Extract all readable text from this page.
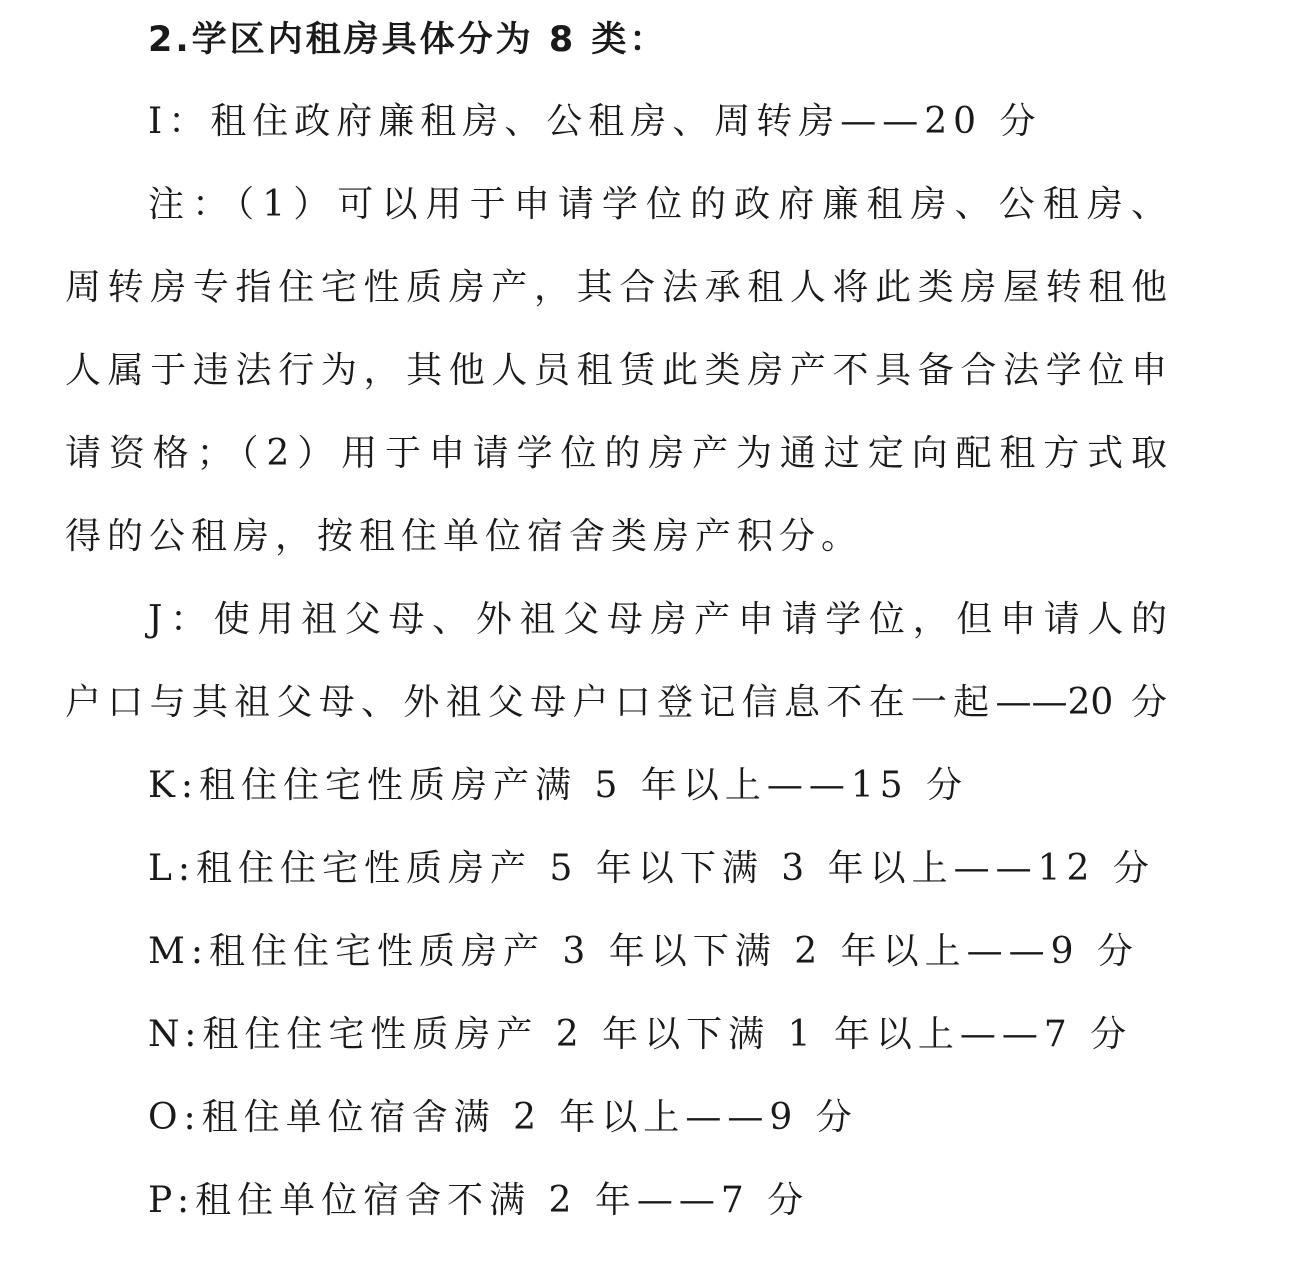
2.学区内租房具体分为 8 类：
I：租住政府廉租房、公租房、周转房——20 分
注：（1）可以用于申请学位的政府廉租房、公租房、
周转房专指住宅性质房产，其合法承租人将此类房屋转租他
人属于违法行为，其他人员租赁此类房产不具备合法学位申
请资格；（2）用于申请学位的房产为通过定向配租方式取
得的公租房，按租住单位宿舍类房产积分。
J：使用祖父母、外祖父母房产申请学位，但申请人的
户口与其祖父母、外祖父母户口登记信息不在一起——20 分
K:租住住宅性质房产满 5 年以上——15 分
L:租住住宅性质房产 5 年以下满 3 年以上——12 分
M:租住住宅性质房产 3 年以下满 2 年以上——9 分
N:租住住宅性质房产 2 年以下满 1 年以上——7 分
O:租住单位宿舍满 2 年以上——9 分
P:租住单位宿舍不满 2 年——7 分
